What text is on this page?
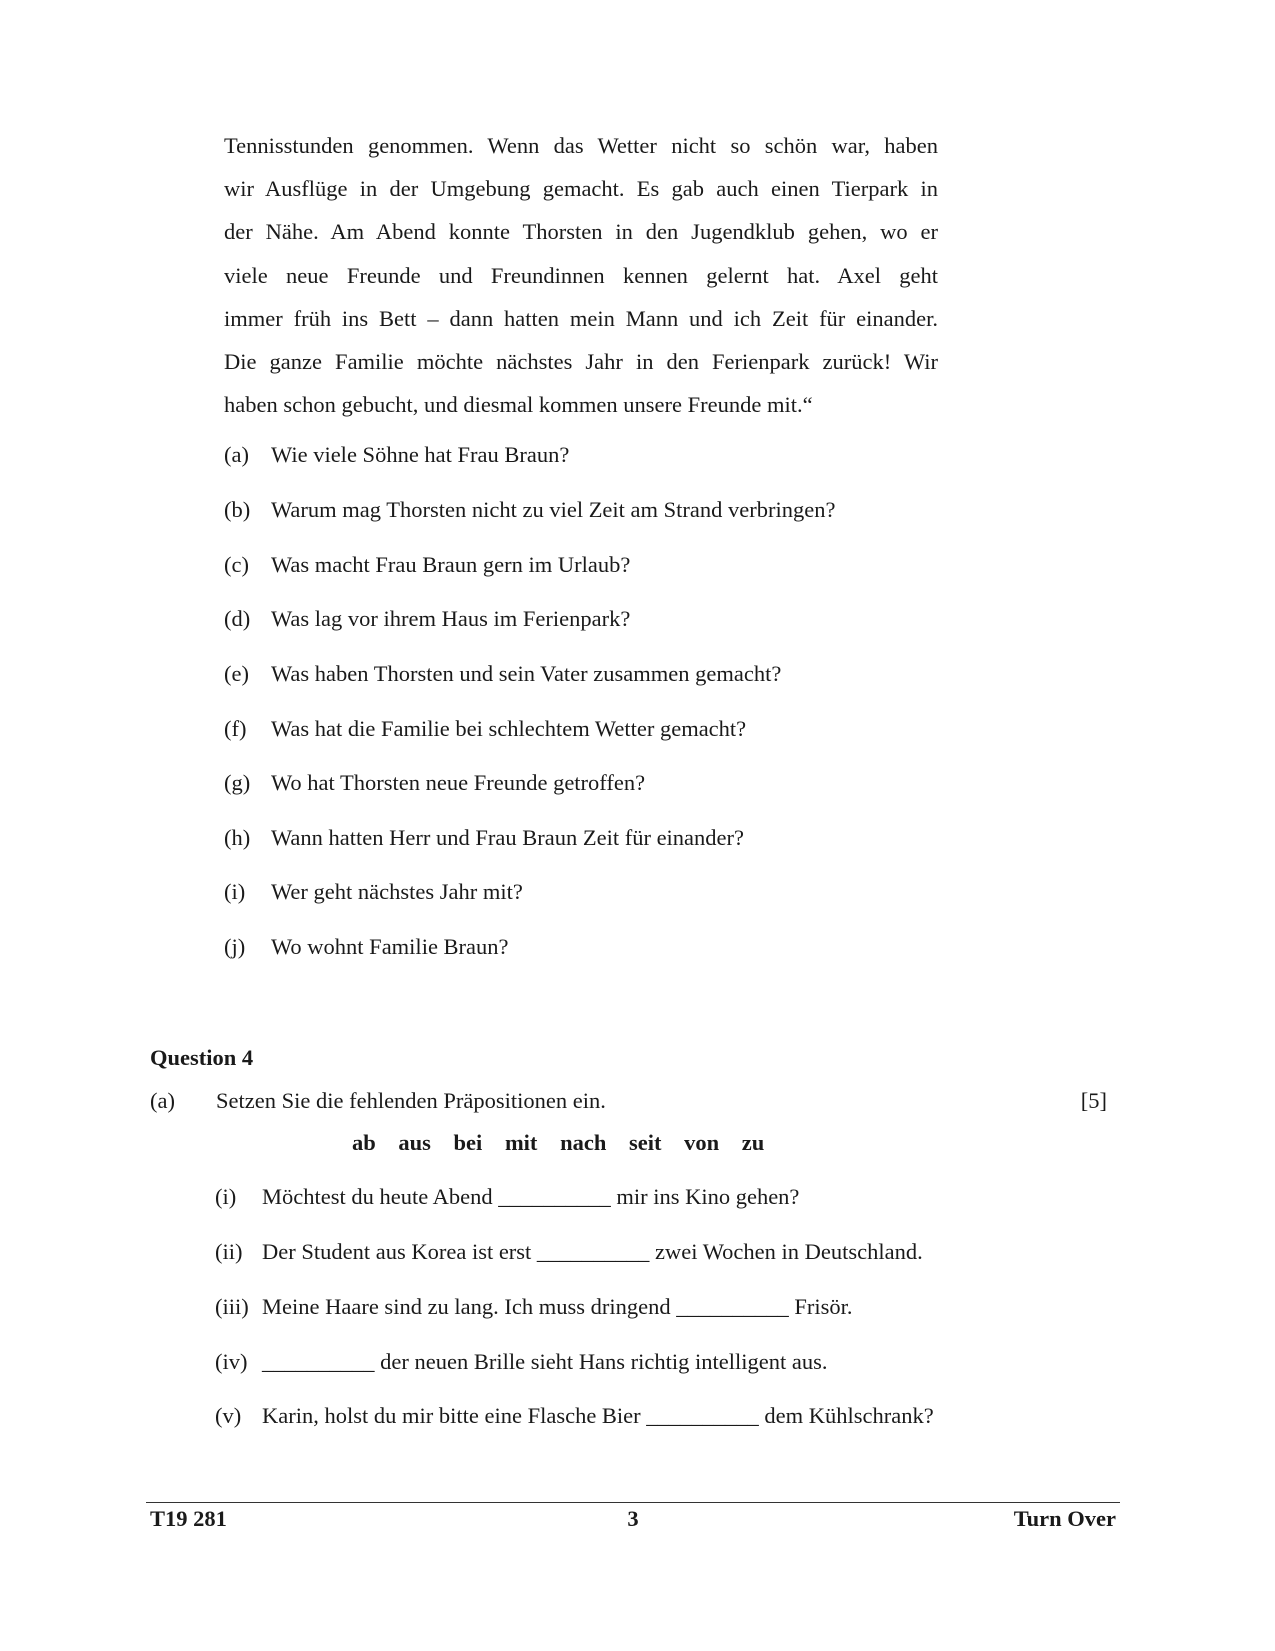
Tennisstunden genommen. Wenn das Wetter nicht so schön war, haben
wir Ausflüge in der Umgebung gemacht. Es gab auch einen Tierpark in
der Nähe. Am Abend konnte Thorsten in den Jugendklub gehen, wo er
viele neue Freunde und Freundinnen kennen gelernt hat. Axel geht
immer früh ins Bett – dann hatten mein Mann und ich Zeit für einander.
Die ganze Familie möchte nächstes Jahr in den Ferienpark zurück! Wir
haben schon gebucht, und diesmal kommen unsere Freunde mit.“
(a) Wie viele Söhne hat Frau Braun?
(b) Warum mag Thorsten nicht zu viel Zeit am Strand verbringen?
(c) Was macht Frau Braun gern im Urlaub?
(d) Was lag vor ihrem Haus im Ferienpark?
(e) Was haben Thorsten und sein Vater zusammen gemacht?
(f) Was hat die Familie bei schlechtem Wetter gemacht?
(g) Wo hat Thorsten neue Freunde getroffen?
(h) Wann hatten Herr und Frau Braun Zeit für einander?
(i) Wer geht nächstes Jahr mit?
(j) Wo wohnt Familie Braun?
Question 4
(a) Setzen Sie die fehlenden Präpositionen ein.	[5]
ab aus bei mit nach seit von zu
(i) Möchtest du heute Abend __________ mir ins Kino gehen?
(ii) Der Student aus Korea ist erst __________ zwei Wochen in Deutschland.
(iii) Meine Haare sind zu lang. Ich muss dringend __________ Frisör.
(iv) __________ der neuen Brille sieht Hans richtig intelligent aus.
(v) Karin, holst du mir bitte eine Flasche Bier __________ dem Kühlschrank?
T19 281	3	Turn Over
